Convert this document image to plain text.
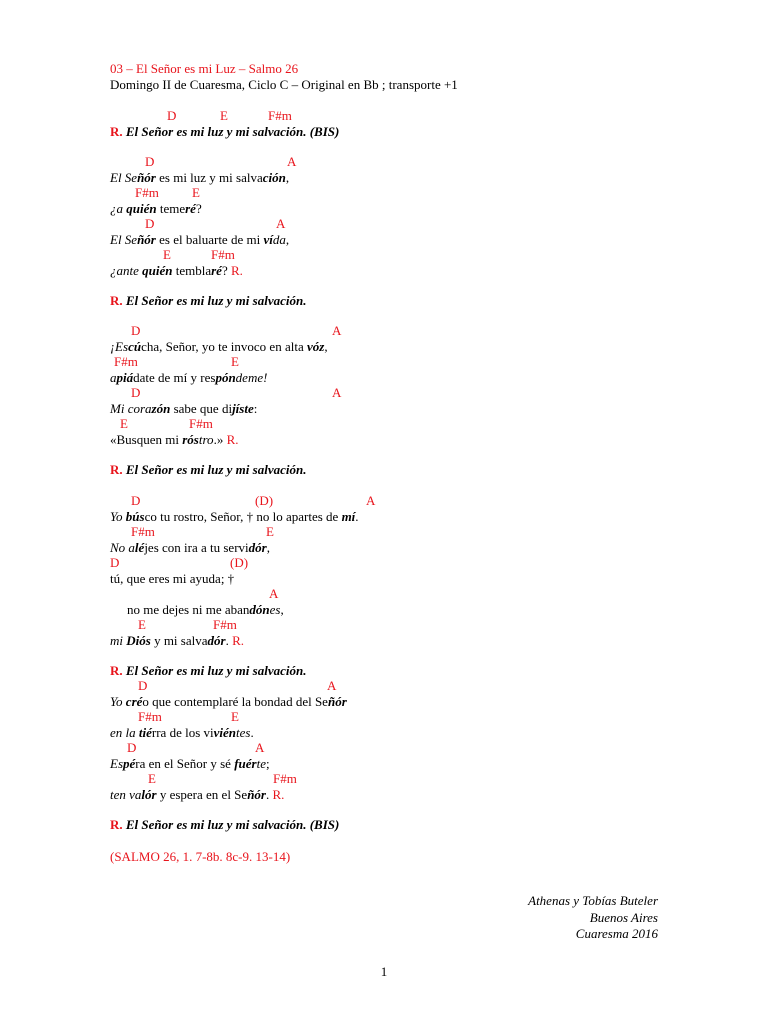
03 – El Señor es mi Luz – Salmo 26
Domingo II de Cuaresma, Ciclo C – Original en Bb ; transporte +1

D

	E

	F#m

R. El Señor es mi luz y mi salvación. (BIS)

D

	A

El Señór es mi luz y mi salvación,

F#m

	E

¿a quién temeré?

D

	A

El Señór es el baluarte de mi vída,

E

	F#m

¿ante quién temblaré? R.
R. El Señor es mi luz y mi salvación.

D

	A

¡Escúcha, Señor, yo te invoco en alta vóz,

F#m

	E

apiádate de mí y respóndeme!

D

	A

Mi corazón sabe que dijíste:

E

	F#m

«Busquen mi róstro.» R.
R. El Señor es mi luz y mi salvación.

D

	(D)

	A

Yo búsco tu rostro, Señor, † no lo apartes de mí.

F#m

	E

No aléjes con ira a tu servidór,

D

	(D)

tú, que eres mi ayuda; †

A

no me dejes ni me abandónes,

E

	F#m

mi Diós y mi salvadór. R.
R. El Señor es mi luz y mi salvación.

D

	A

Yo créo que contemplaré la bondad del Señór

F#m

	E

en la tiérra de los viviéntes.

D

	A

Espéra en el Señor y sé fuérte;

E

	F#m

ten valór y espera en el Señór. R.
R. El Señor es mi luz y mi salvación. (BIS)
(SALMO 26, 1. 7-8b. 8c-9. 13-14)
Athenas y Tobías Buteler
Buenos Aires
Cuaresma 2016
1
